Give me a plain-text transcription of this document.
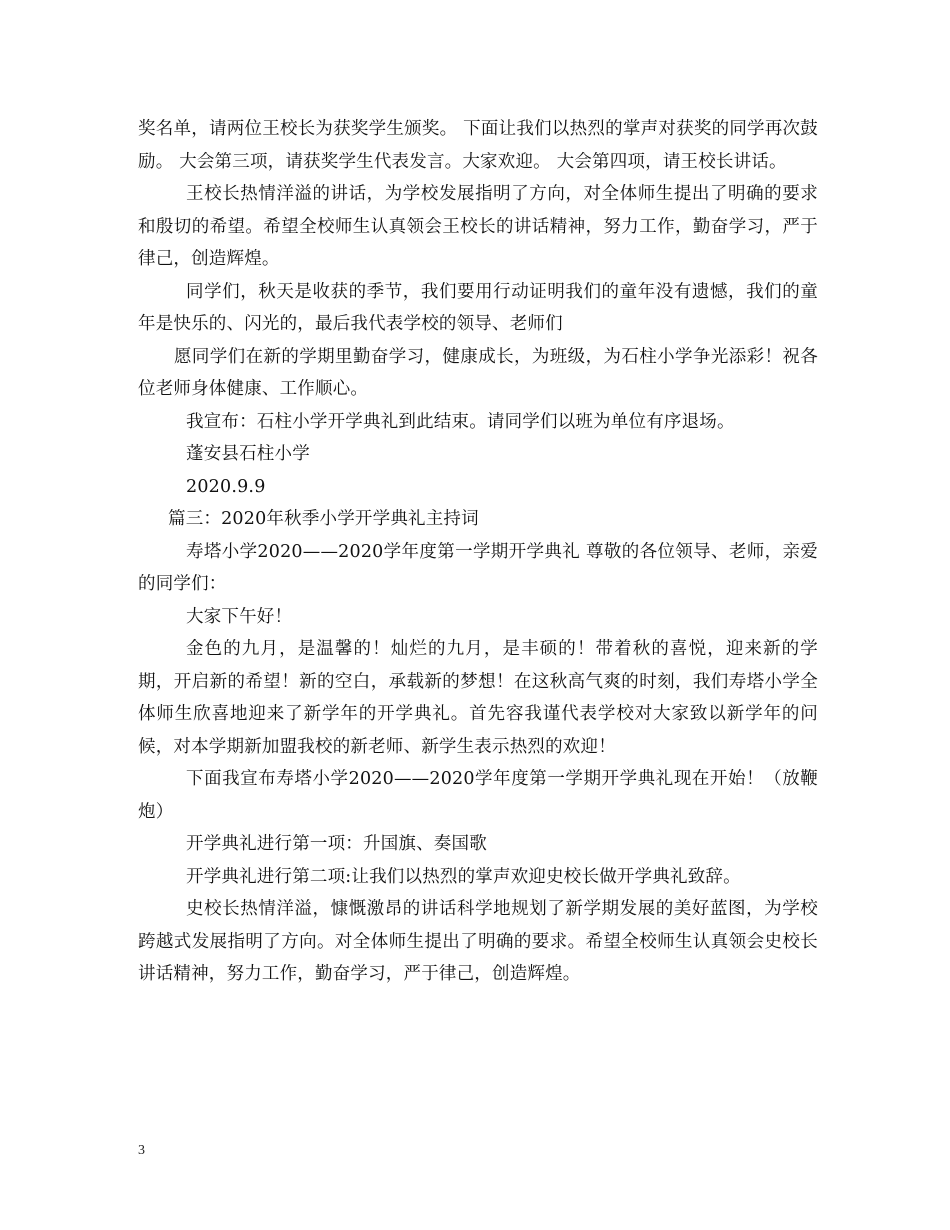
奖名单，请两位王校长为获奖学生颁奖。 下面让我们以热烈的掌声对获奖的同学再次鼓励。 大会第三项，请获奖学生代表发言。大家欢迎。 大会第四项，请王校长讲话。

王校长热情洋溢的讲话，为学校发展指明了方向，对全体师生提出了明确的要求和殷切的希望。希望全校师生认真领会王校长的讲话精神，努力工作，勤奋学习，严于律己，创造辉煌。

同学们，秋天是收获的季节，我们要用行动证明我们的童年没有遗憾，我们的童年是快乐的、闪光的，最后我代表学校的领导、老师们

愿同学们在新的学期里勤奋学习，健康成长，为班级，为石柱小学争光添彩！祝各位老师身体健康、工作顺心。

我宣布：石柱小学开学典礼到此结束。请同学们以班为单位有序退场。

蓬安县石柱小学

2020.9.9

篇三：2020年秋季小学开学典礼主持词

寿塔小学2020——2020学年度第一学期开学典礼 尊敬的各位领导、老师，亲爱的同学们：

大家下午好！

金色的九月，是温馨的！灿烂的九月，是丰硕的！带着秋的喜悦，迎来新的学期，开启新的希望！新的空白，承载新的梦想！在这秋高气爽的时刻，我们寿塔小学全体师生欣喜地迎来了新学年的开学典礼。首先容我谨代表学校对大家致以新学年的问候，对本学期新加盟我校的新老师、新学生表示热烈的欢迎！

下面我宣布寿塔小学2020——2020学年度第一学期开学典礼现在开始！（放鞭炮）

开学典礼进行第一项：升国旗、奏国歌

开学典礼进行第二项:让我们以热烈的掌声欢迎史校长做开学典礼致辞。

史校长热情洋溢，慷慨激昂的讲话科学地规划了新学期发展的美好蓝图，为学校跨越式发展指明了方向。对全体师生提出了明确的要求。希望全校师生认真领会史校长讲话精神，努力工作，勤奋学习，严于律己，创造辉煌。

3
